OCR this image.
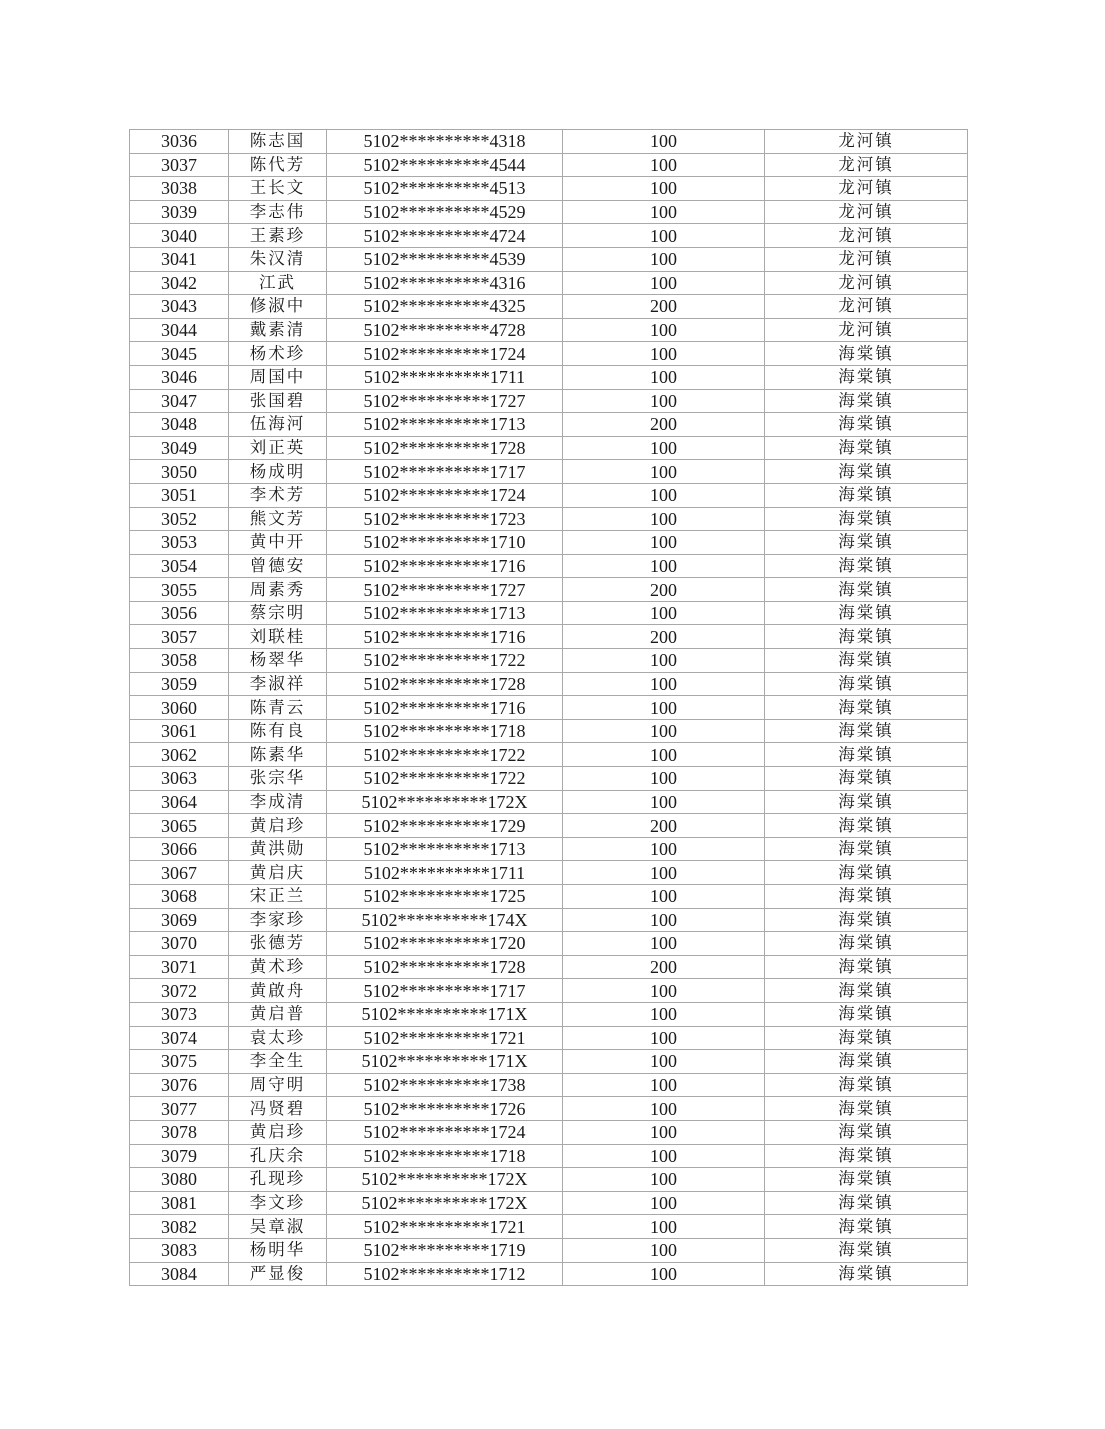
3036	陈志国	5102**********4318	100	龙河镇
3037	陈代芳	5102**********4544	100	龙河镇
3038	王长文	5102**********4513	100	龙河镇
3039	李志伟	5102**********4529	100	龙河镇
3040	王素珍	5102**********4724	100	龙河镇
3041	朱汉清	5102**********4539	100	龙河镇
3042	江武	5102**********4316	100	龙河镇
3043	修淑中	5102**********4325	200	龙河镇
3044	戴素清	5102**********4728	100	龙河镇
3045	杨术珍	5102**********1724	100	海棠镇
3046	周国中	5102**********1711	100	海棠镇
3047	张国碧	5102**********1727	100	海棠镇
3048	伍海河	5102**********1713	200	海棠镇
3049	刘正英	5102**********1728	100	海棠镇
3050	杨成明	5102**********1717	100	海棠镇
3051	李术芳	5102**********1724	100	海棠镇
3052	熊文芳	5102**********1723	100	海棠镇
3053	黄中开	5102**********1710	100	海棠镇
3054	曾德安	5102**********1716	100	海棠镇
3055	周素秀	5102**********1727	200	海棠镇
3056	蔡宗明	5102**********1713	100	海棠镇
3057	刘联桂	5102**********1716	200	海棠镇
3058	杨翠华	5102**********1722	100	海棠镇
3059	李淑祥	5102**********1728	100	海棠镇
3060	陈青云	5102**********1716	100	海棠镇
3061	陈有良	5102**********1718	100	海棠镇
3062	陈素华	5102**********1722	100	海棠镇
3063	张宗华	5102**********1722	100	海棠镇
3064	李成清	5102**********172X	100	海棠镇
3065	黄启珍	5102**********1729	200	海棠镇
3066	黄洪勋	5102**********1713	100	海棠镇
3067	黄启庆	5102**********1711	100	海棠镇
3068	宋正兰	5102**********1725	100	海棠镇
3069	李家珍	5102**********174X	100	海棠镇
3070	张德芳	5102**********1720	100	海棠镇
3071	黄术珍	5102**********1728	200	海棠镇
3072	黄啟舟	5102**********1717	100	海棠镇
3073	黄启普	5102**********171X	100	海棠镇
3074	袁太珍	5102**********1721	100	海棠镇
3075	李全生	5102**********171X	100	海棠镇
3076	周守明	5102**********1738	100	海棠镇
3077	冯贤碧	5102**********1726	100	海棠镇
3078	黄启珍	5102**********1724	100	海棠镇
3079	孔庆余	5102**********1718	100	海棠镇
3080	孔现珍	5102**********172X	100	海棠镇
3081	李文珍	5102**********172X	100	海棠镇
3082	吴章淑	5102**********1721	100	海棠镇
3083	杨明华	5102**********1719	100	海棠镇
3084	严显俊	5102**********1712	100	海棠镇
